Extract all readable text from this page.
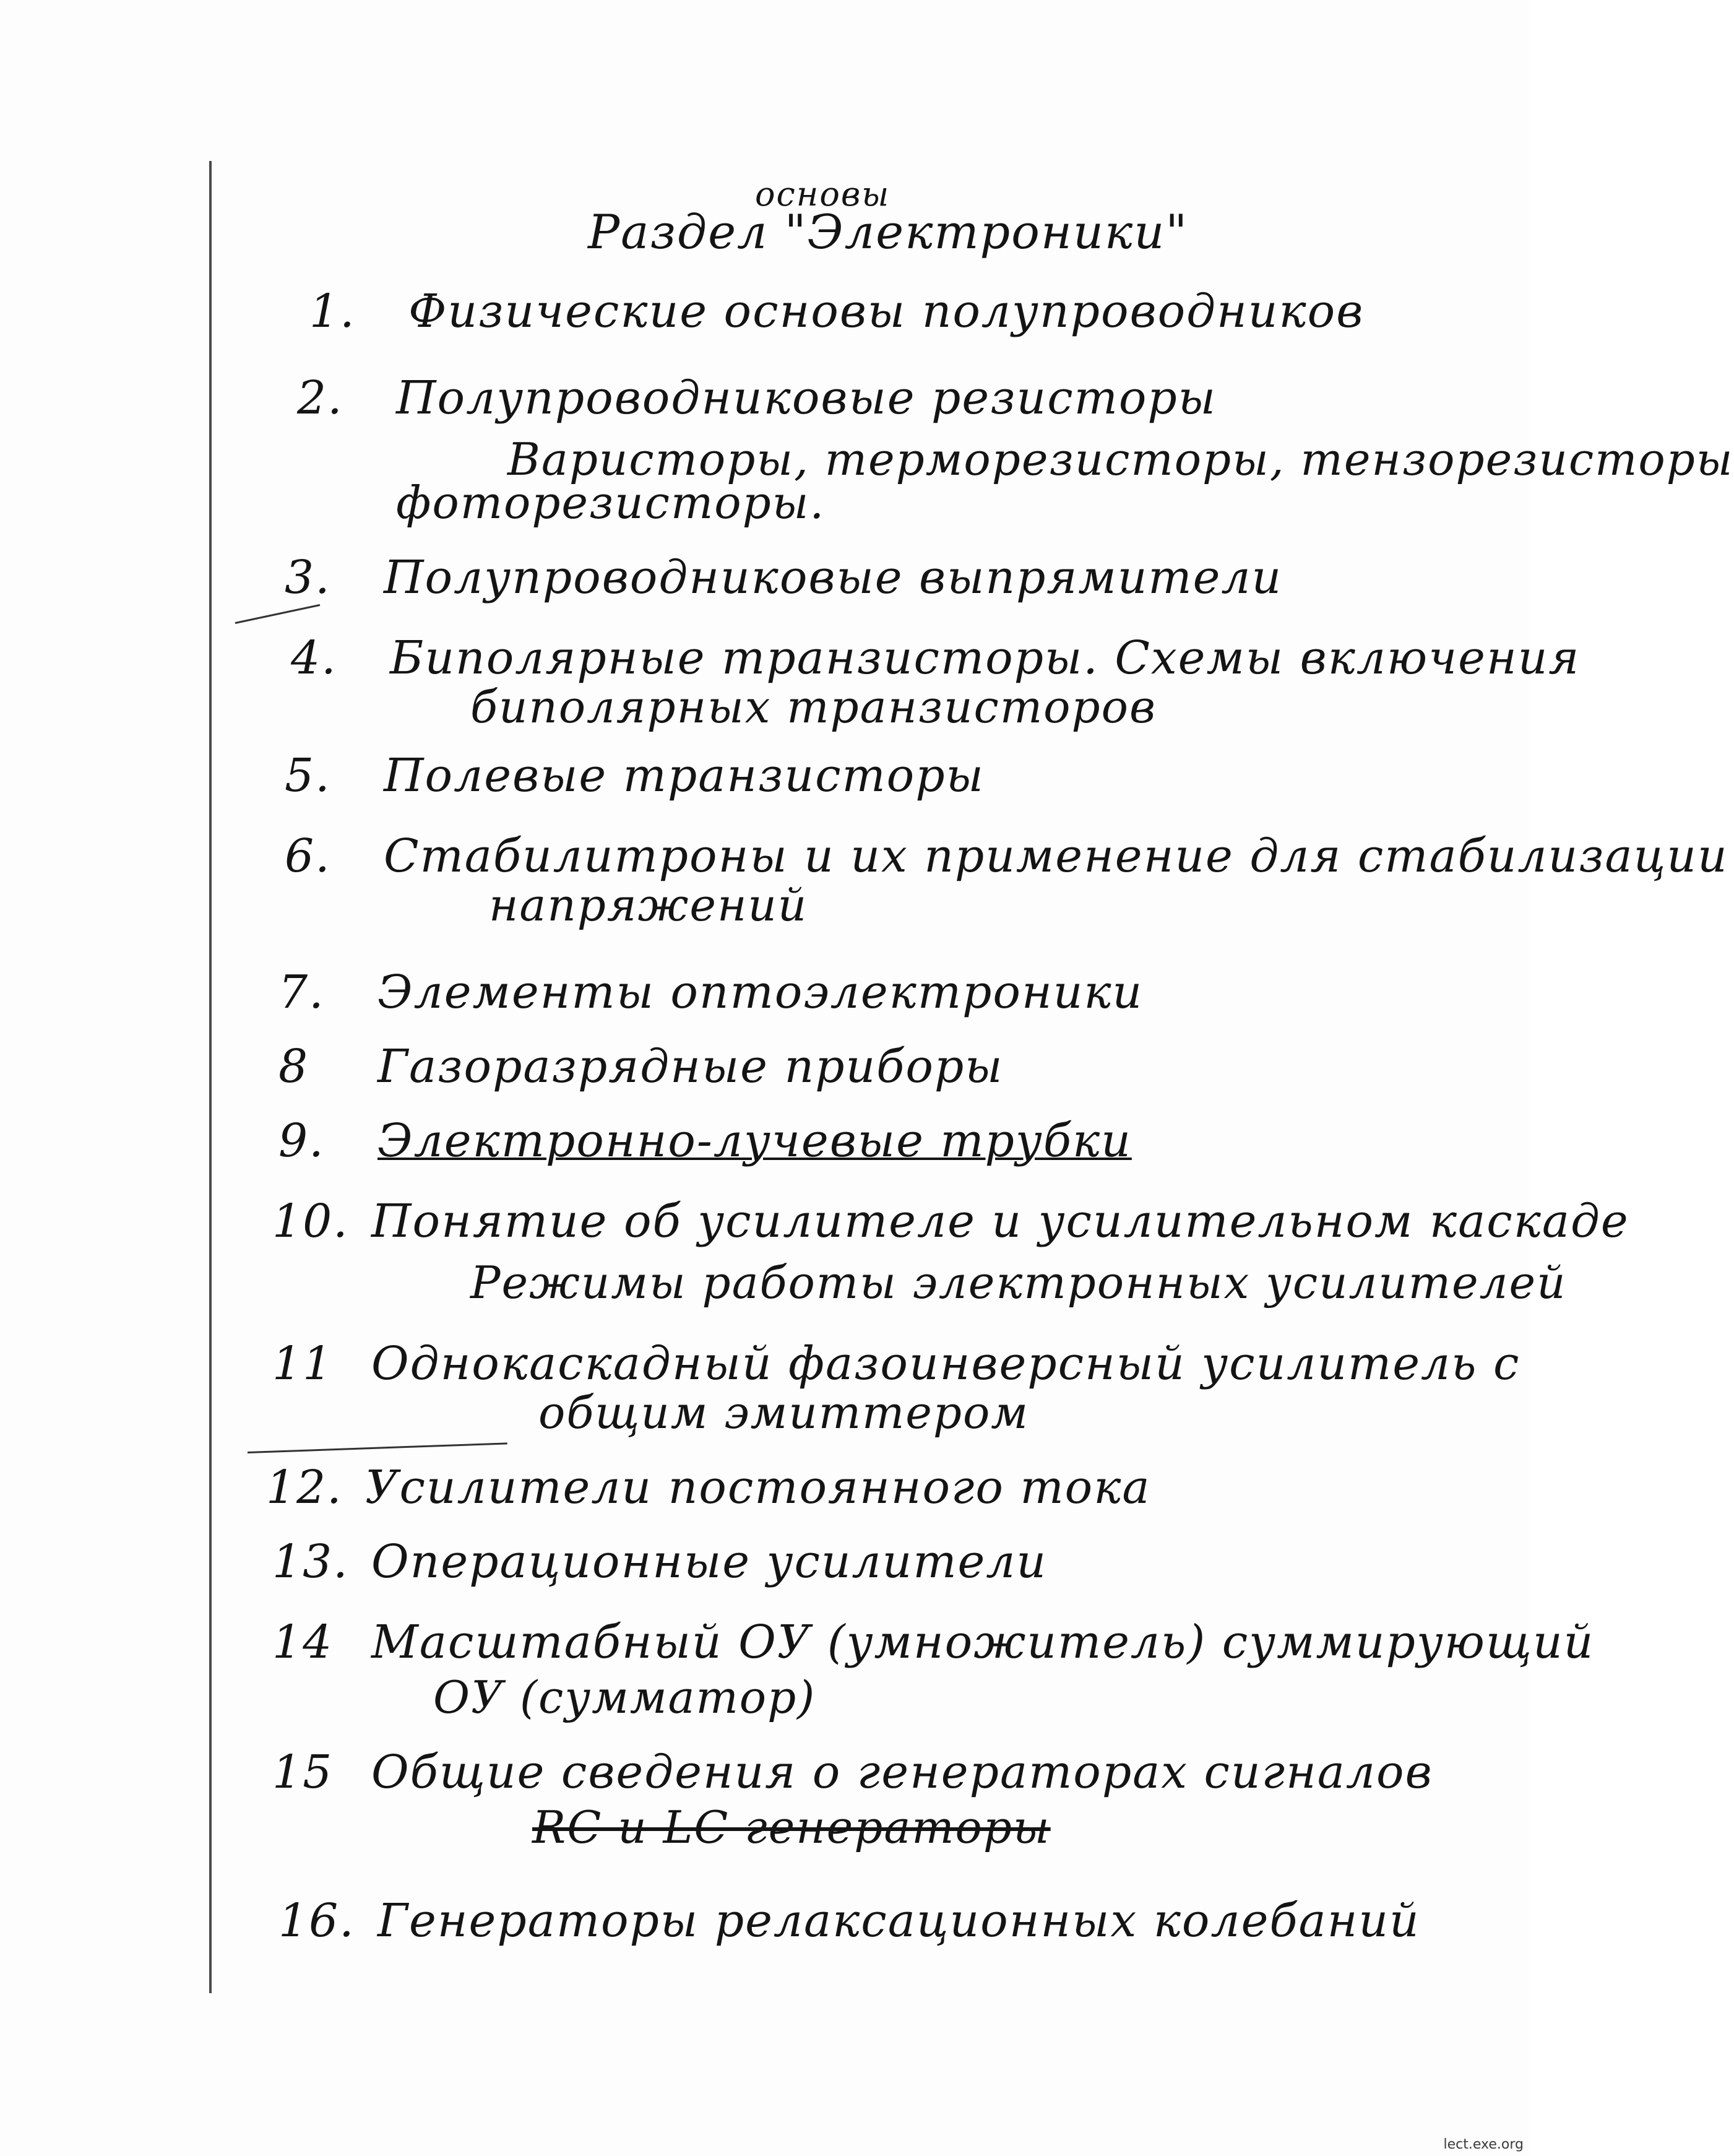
основы
Раздел "Электроники"
1. Физические основы полупроводников
2. Полупроводниковые резисторы
Варисторы, терморезисторы, тензорезисторы
фоторезисторы.
3. Полупроводниковые выпрямители
4. Биполярные транзисторы. Схемы включения
биполярных транзисторов
5. Полевые транзисторы
6. Стабилитроны и их применение для стабилизации
напряжений
7. Элементы оптоэлектроники
8 Газоразрядные приборы
9. Электронно-лучевые трубки
10. Понятие об усилителе и усилительном каскаде
Режимы работы электронных усилителей
11 Однокаскадный фазоинверсный усилитель с
общим эмиттером
12. Усилители постоянного тока
13. Операционные усилители
14 Масштабный ОУ (умножитель) суммирующий
ОУ (сумматор)
15 Общие сведения о генераторах сигналов
RC и LC генераторы
16. Генераторы релаксационных колебаний
lect.exe.org
